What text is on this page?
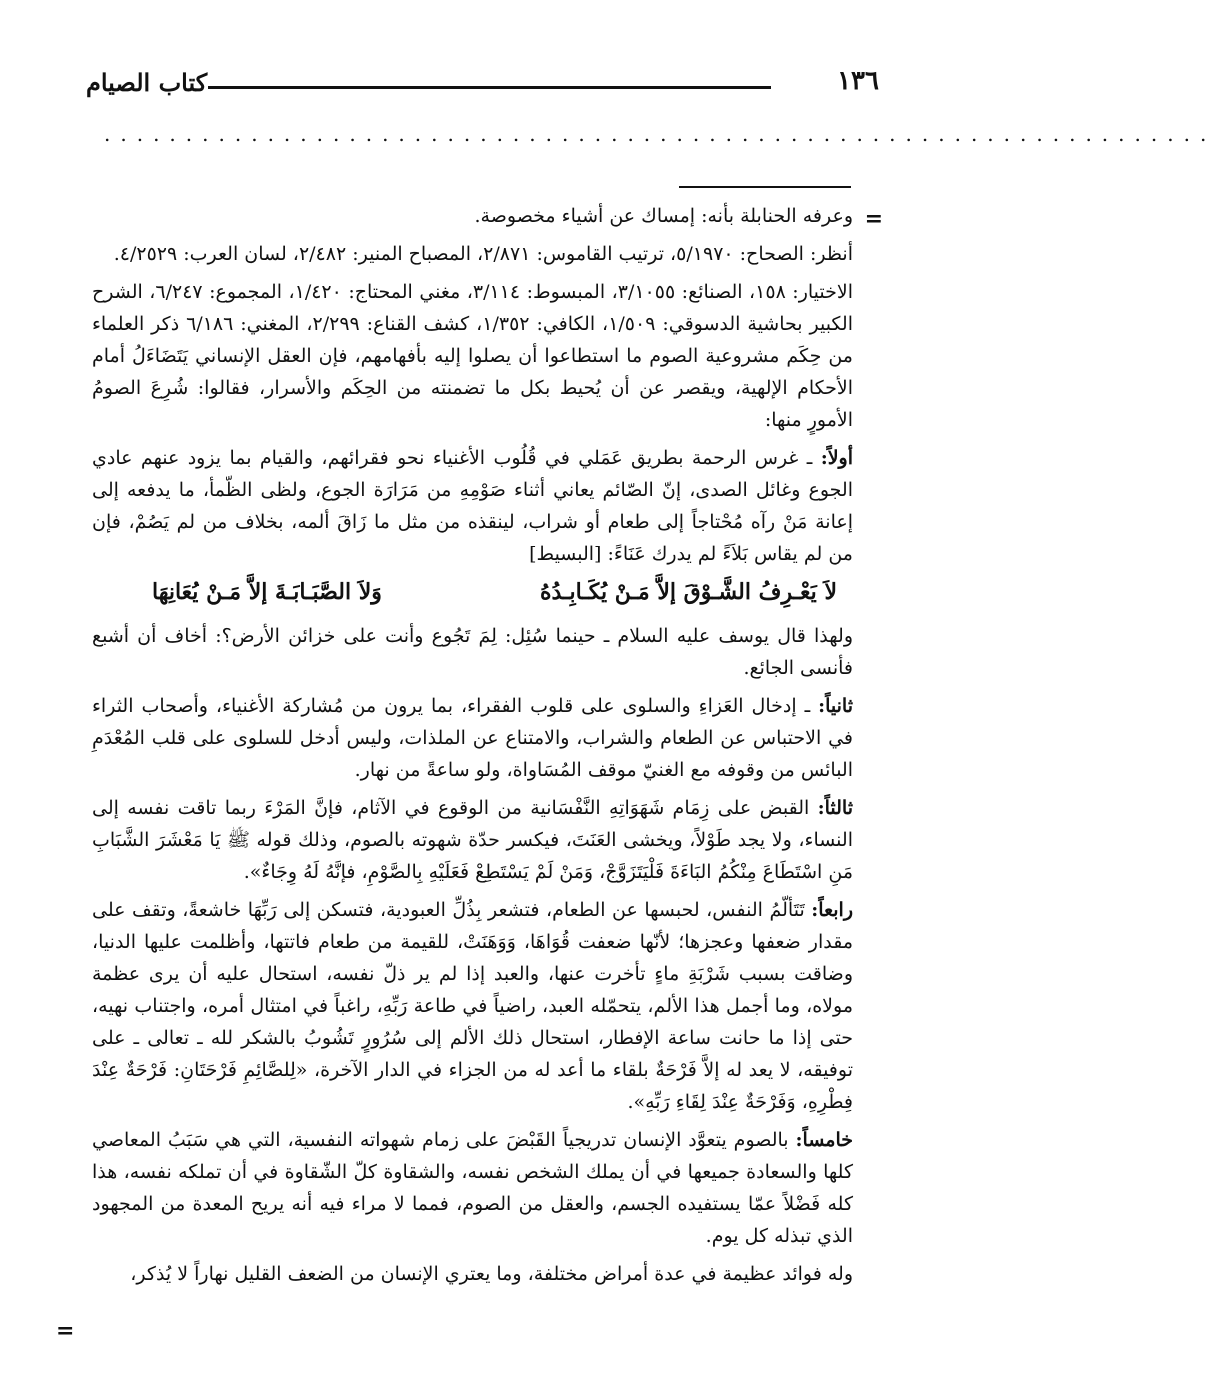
١٣٦
كتاب الصيام
....................................................................
=
=

وعرفه الحنابلة بأنه: إمساك عن أشياء مخصوصة.

أنظر: الصحاح: ٥/١٩٧٠، ترتيب القاموس: ٢/٨٧١، المصباح المنير: ٢/٤٨٢، لسان العرب: ٤/٢٥٢٩.

الاختيار: ١٥٨، الصنائع: ٣/١٠٥٥، المبسوط: ٣/١١٤، مغني المحتاج: ١/٤٢٠، المجموع: ٦/٢٤٧، الشرح الكبير بحاشية الدسوقي: ١/٥٠٩، الكافي: ١/٣٥٢، كشف القناع: ٢/٢٩٩، المغني: ٦/١٨٦ ذكر العلماء من حِكَم مشروعية الصوم ما استطاعوا أن يصلوا إليه بأفهامهم، فإن العقل الإنساني يَتَضَاءَلُ أمام الأحكام الإلهية، ويقصر عن أن يُحيط بكل ما تضمنته من الحِكَم والأسرار، فقالوا: شُرِعَ الصومُ الأمورٍ منها:

أولاً: ـ غرس الرحمة بطريق عَمَلي في قُلُوب الأغنياء نحو فقرائهم، والقيام بما يزود عنهم عادي الجوع وغائل الصدى، إنّ الصّائم يعاني أثناء صَوْمِهِ من مَرَارَة الجوع، ولظى الظّمأ، ما يدفعه إلى إعانة مَنْ رآه مُحْتاجاً إلى طعام أو شراب، لينقذه من مثل ما زَاقَ ألمه، بخلاف من لم يَصُمْ، فإن من لم يقاس بَلاَءً لم يدرك عَنَاءً: [البسيط]

لاَ يَعْـرِفُ الشَّـوْقَ إلاَّ مَـنْ يُكَـابِـدُهُ
وَلاَ الصَّبَـابَـةَ إلاَّ مَـنْ يُعَانِهَا

ولهذا قال يوسف عليه السلام ـ حينما سُئِل: لِمَ تَجُوع وأنت على خزائن الأرض؟: أخاف أن أشبع فأنسى الجائع.

ثانياً: ـ إدخال العَزاءِ والسلوى على قلوب الفقراء، بما يرون من مُشاركة الأغنياء، وأصحاب الثراء في الاحتباس عن الطعام والشراب، والامتناع عن الملذات، وليس أدخل للسلوى على قلب المُعْدَمِ البائس من وقوفه مع الغنيّ موقف المُسَاواة، ولو ساعةً من نهار.

ثالثاً: القبض على زِمَام شَهَوَاتِهِ النَّفْسَانية من الوقوع في الآثام، فإنَّ المَرْءَ ربما تاقت نفسه إلى النساء، ولا يجد طَوْلاً، ويخشى العَنَتَ، فيكسر حدّة شهوته بالصوم، وذلك قوله ﷺ يَا مَعْشَرَ الشَّبَابِ مَنِ اسْتَطَاعَ مِنْكُمُ البَاءَةَ فَلْيَتَزَوَّجْ، وَمَنْ لَمْ يَسْتَطِعْ فَعَلَيْهِ بِالصَّوْمِ، فإنَّهُ لَهُ وِجَاءٌ».

رابعاً: تَتَألّمُ النفس، لحبسها عن الطعام، فتشعر بِذُلِّ العبودية، فتسكن إلى رَبِّهَا خاشعةً، وتقف على مقدار ضعفها وعجزها؛ لأنّها ضعفت قُوَاهَا، وَوَهَنَتْ، للقيمة من طعام فاتتها، وأظلمت عليها الدنيا، وضاقت بسبب شَرْبَةِ ماءٍ تأخرت عنها، والعبد إذا لم ير ذلّ نفسه، استحال عليه أن يرى عظمة مولاه، وما أجمل هذا الألم، يتحمّله العبد، راضياً في طاعة رَبِّهِ، راغباً في امتثال أمره، واجتناب نهيه، حتى إذا ما حانت ساعة الإفطار، استحال ذلك الألم إلى سُرُورٍ تَشُوبُ بالشكر لله ـ تعالى ـ على توفيقه، لا يعد له إلاَّ فَرْحَةٌ بلقاء ما أعد له من الجزاء في الدار الآخرة، «لِلصَّائِمِ فَرْحَتَانِ: فَرْحَةٌ عِنْدَ فِطْرِهِ، وَفَرْحَةٌ عِنْدَ لِقَاءِ رَبِّهِ».

خامساً: بالصوم يتعوَّد الإنسان تدريجياً القَبْضَ على زمام شهواته النفسية، التي هي سَبَبُ المعاصي كلها والسعادة جميعها في أن يملك الشخص نفسه، والشقاوة كلّ الشّقاوة في أن تملكه نفسه، هذا كله فَضْلاً عمّا يستفيده الجسم، والعقل من الصوم، فمما لا مراء فيه أنه يريح المعدة من المجهود الذي تبذله كل يوم.

وله فوائد عظيمة في عدة أمراض مختلفة، وما يعتري الإنسان من الضعف القليل نهاراً لا يُذكر،
